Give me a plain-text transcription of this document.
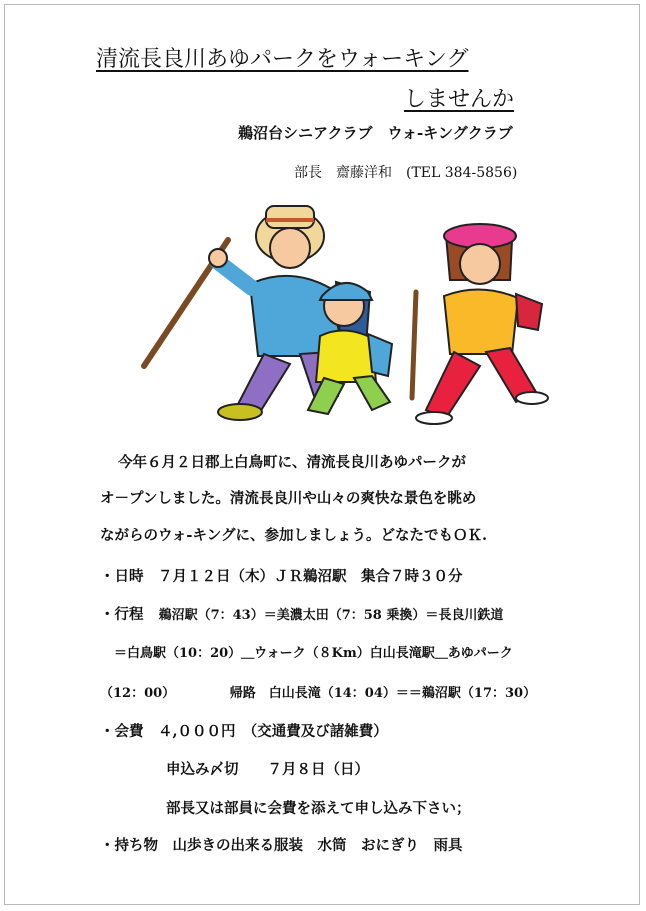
清流長良川あゆパークをウォーキング
しませんか
鵜沼台シニアクラブ　ウォ-キングクラブ
部長　齋藤洋和　(TEL 384-5856)
今年６月２日郡上白鳥町に、清流長良川あゆパークが
オ－プンしました。清流長良川や山々の爽快な景色を眺め
ながらのウォ-キングに、参加しましょう。どなたでもＯＫ.
・日時　７月１２日（木）ＪＲ鵜沼駅　集合７時３０分
・行程 鵜沼駅（7：43）＝美濃太田（7：58 乗換）＝長良川鉄道
＝白鳥駅（10：20）＿ウォーク（８Km）白山長滝駅＿あゆパーク
（12：00）	帰路　白山長滝（14：04）＝＝鵜沼駅（17：30）
・会費　４,０００円　（交通費及び諸雑費）
申込み〆切　　７月８日（日）
部長又は部員に会費を添えて申し込み下さい；
・持ち物　山歩きの出来る服装　水筒　おにぎり　雨具
